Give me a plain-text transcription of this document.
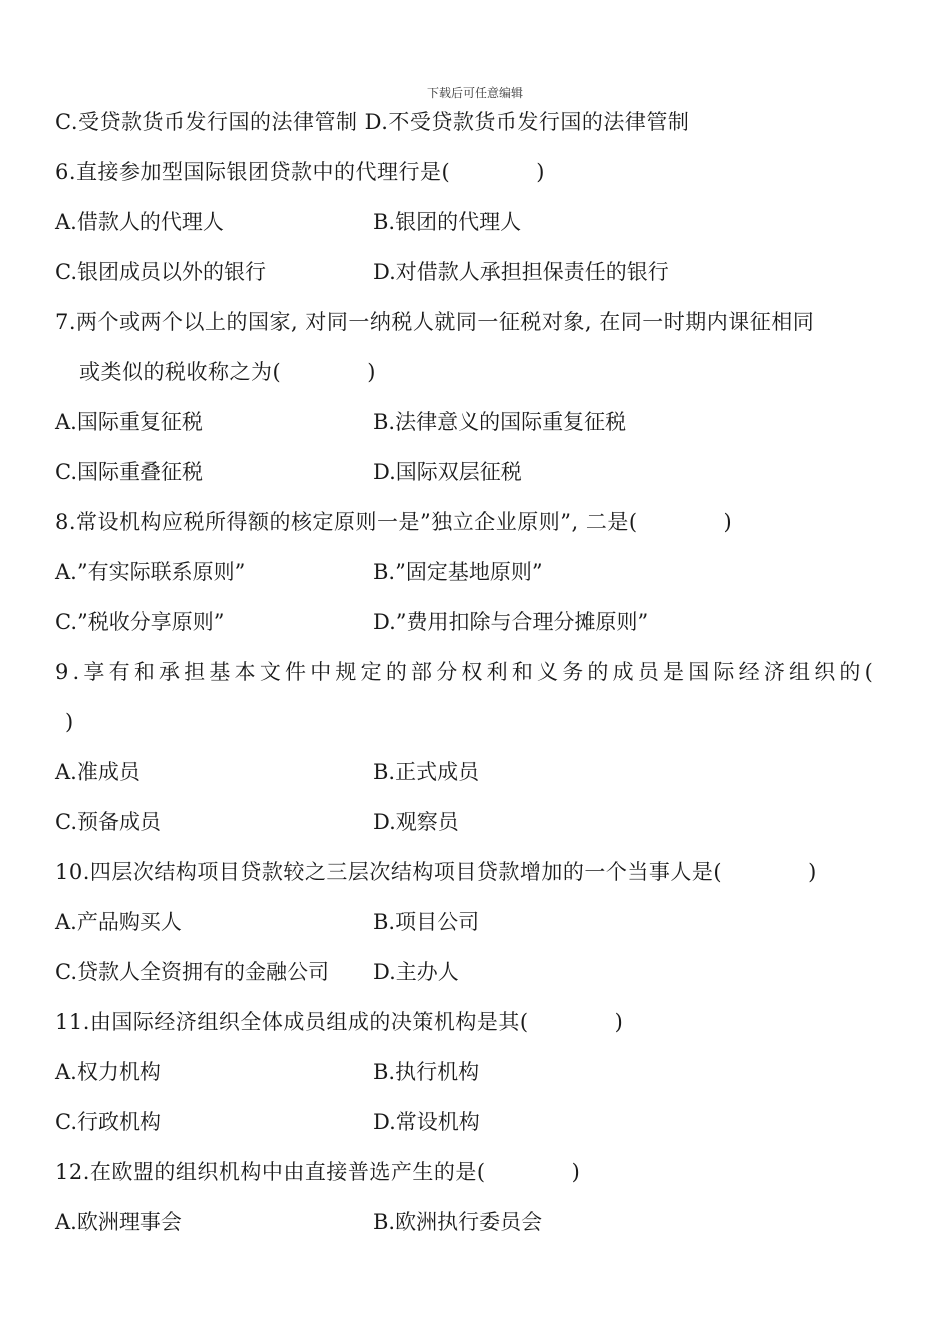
下载后可任意编辑
C.受贷款货币发行国的法律管制 D.不受贷款货币发行国的法律管制
6.直接参加型国际银团贷款中的代理行是(　　　　)
A.借款人的代理人	B.银团的代理人
C.银团成员以外的银行	D.对借款人承担担保责任的银行
7.两个或两个以上的国家, 对同一纳税人就同一征税对象, 在同一时期内课征相同
或类似的税收称之为(　　　　)
A.国际重复征税	B.法律意义的国际重复征税
C.国际重叠征税	D.国际双层征税
8.常设机构应税所得额的核定原则一是”独立企业原则”, 二是(　　　　)
A.”有实际联系原则”	B.”固定基地原则”
C.”税收分享原则”	D.”费用扣除与合理分摊原则”
9.享有和承担基本文件中规定的部分权利和义务的成员是国际经济组织的(
)
A.准成员	B.正式成员
C.预备成员	D.观察员
10.四层次结构项目贷款较之三层次结构项目贷款增加的一个当事人是(　　　　)
A.产品购买人	B.项目公司
C.贷款人全资拥有的金融公司	D.主办人
11.由国际经济组织全体成员组成的决策机构是其(　　　　)
A.权力机构	B.执行机构
C.行政机构	D.常设机构
12.在欧盟的组织机构中由直接普选产生的是(　　　　)
A.欧洲理事会	B.欧洲执行委员会
